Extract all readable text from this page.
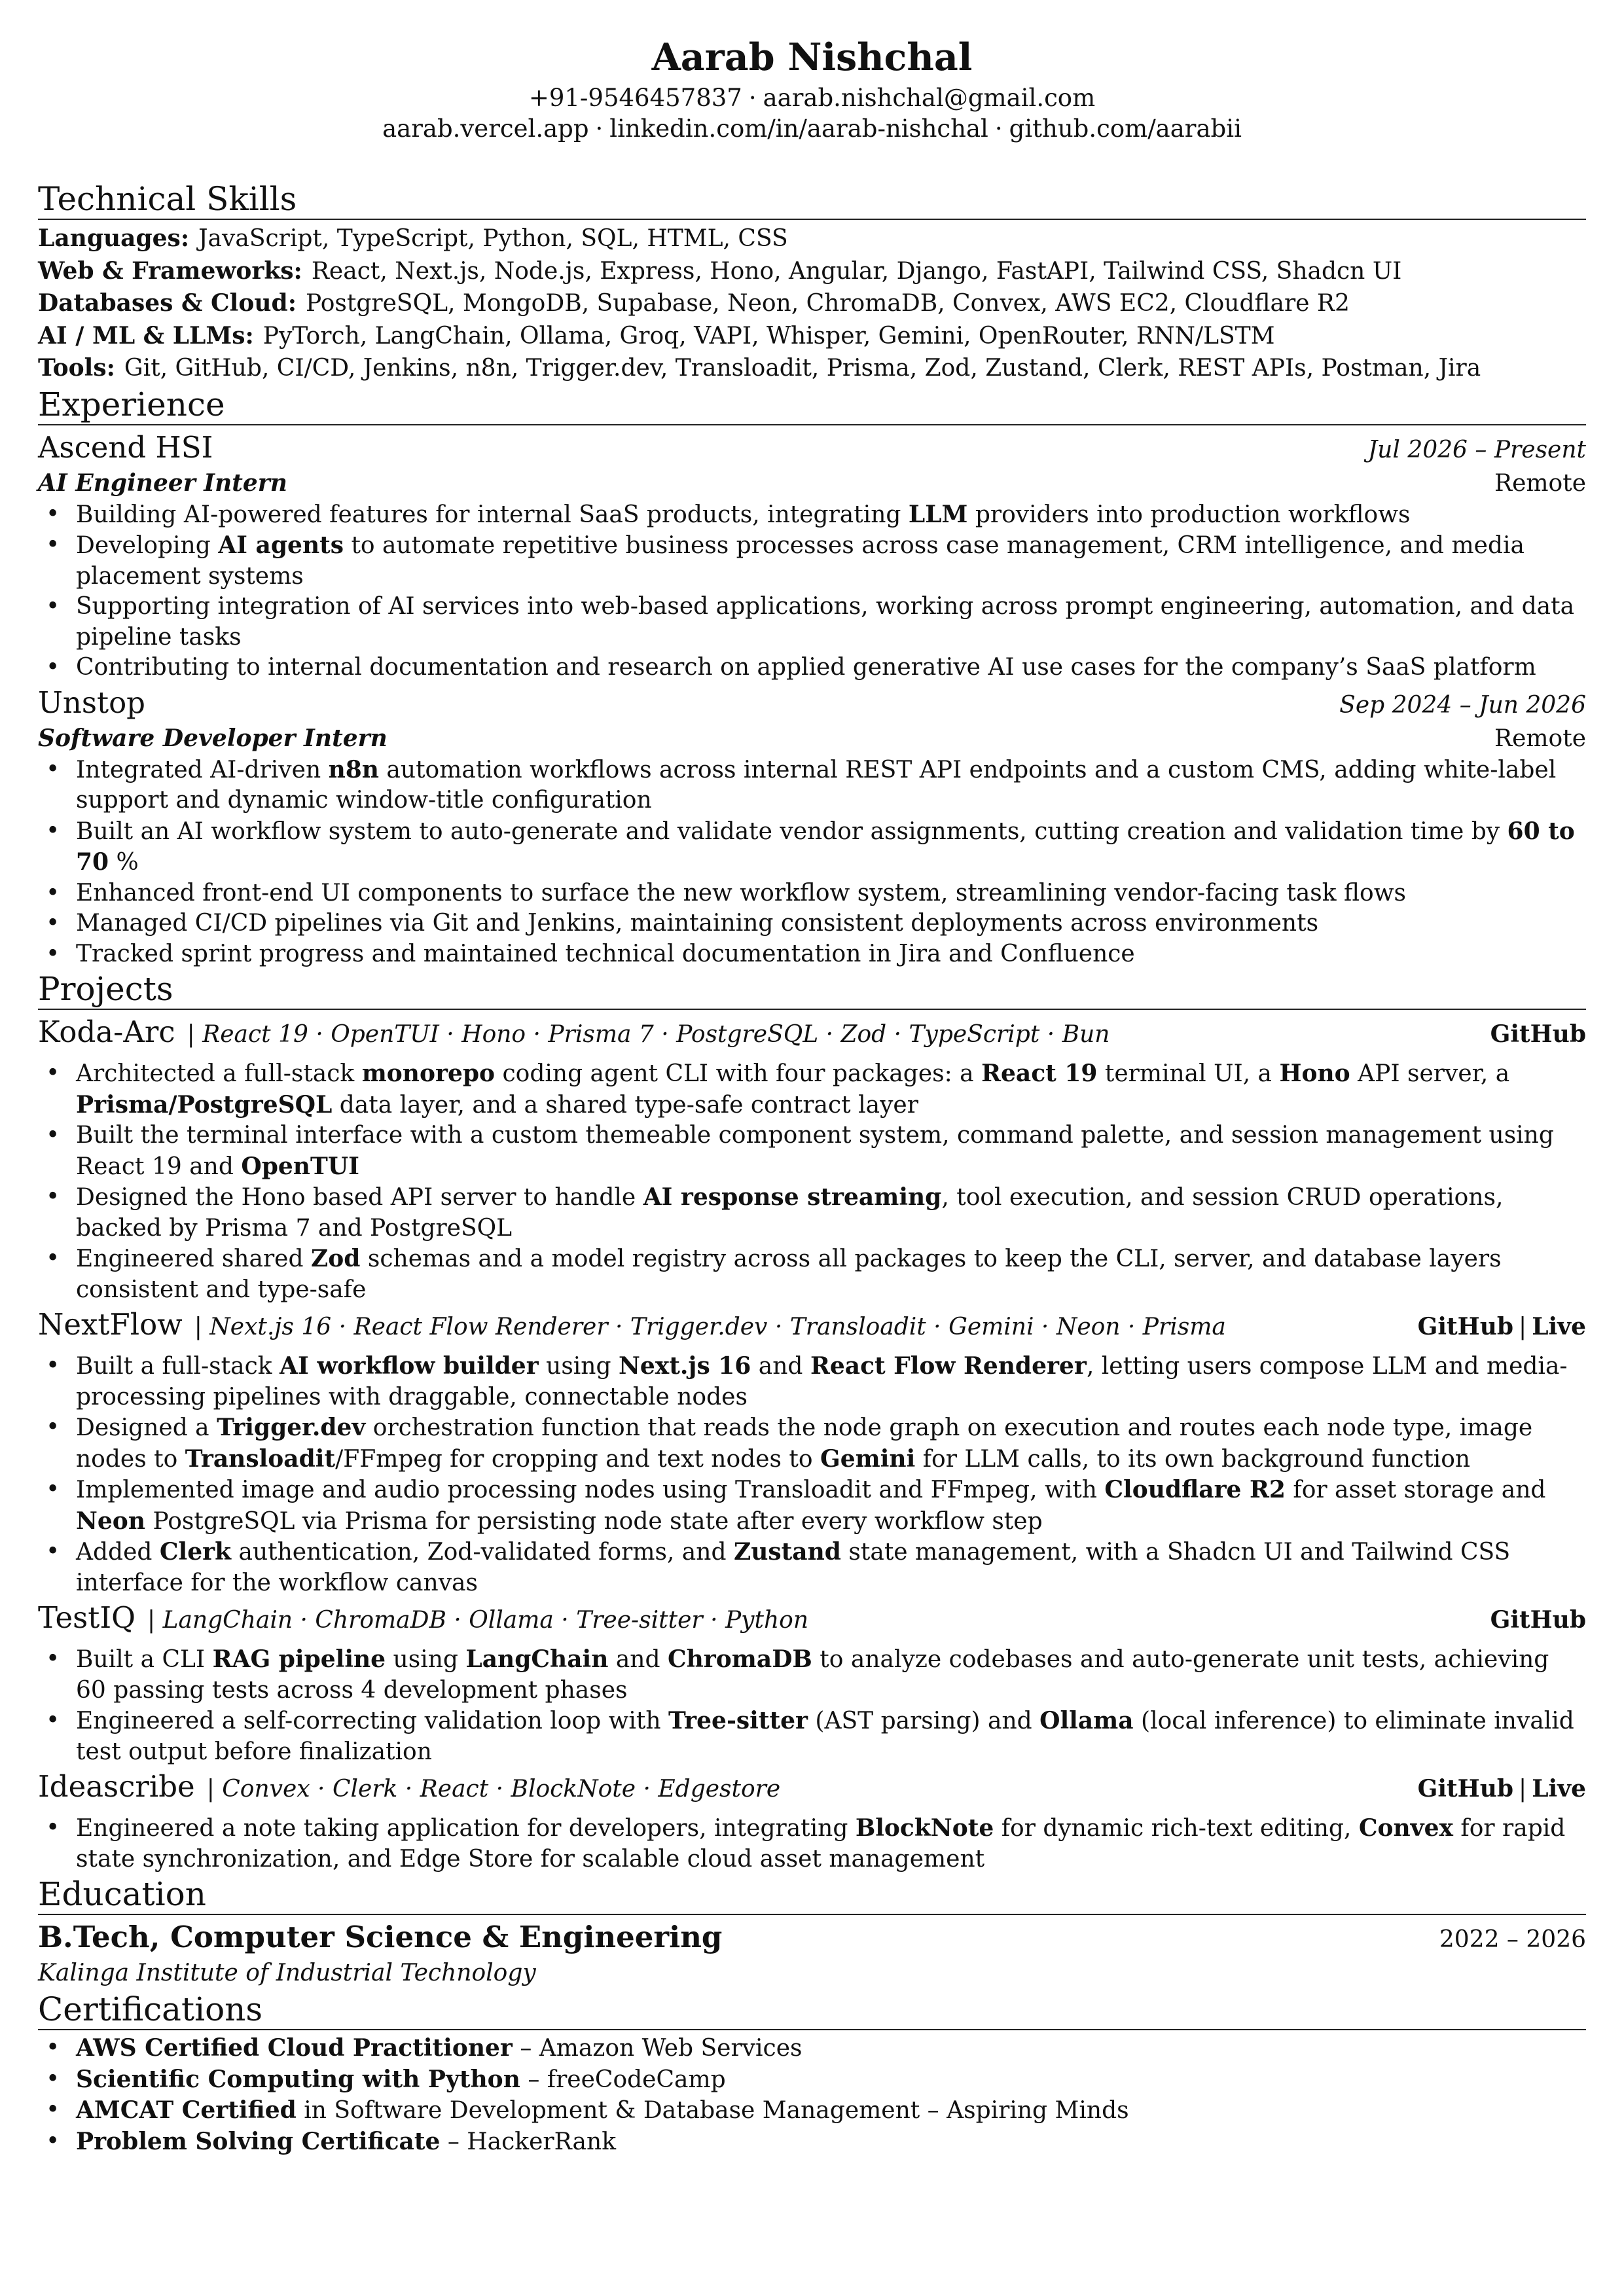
Aarab Nishchal
+91-9546457837 · aarab.nishchal@gmail.com
aarab.vercel.app · linkedin.com/in/aarab-nishchal · github.com/aarabii
Technical Skills
Languages: JavaScript, TypeScript, Python, SQL, HTML, CSS
Web & Frameworks: React, Next.js, Node.js, Express, Hono, Angular, Django, FastAPI, Tailwind CSS, Shadcn UI
Databases & Cloud: PostgreSQL, MongoDB, Supabase, Neon, ChromaDB, Convex, AWS EC2, Cloudflare R2
AI / ML & LLMs: PyTorch, LangChain, Ollama, Groq, VAPI, Whisper, Gemini, OpenRouter, RNN/LSTM
Tools: Git, GitHub, CI/CD, Jenkins, n8n, Trigger.dev, Transloadit, Prisma, Zod, Zustand, Clerk, REST APIs, Postman, Jira
Experience
Ascend HSI	Jul 2026 – Present
AI Engineer Intern	Remote
• Building AI-powered features for internal SaaS products, integrating LLM providers into production workflows
• Developing AI agents to automate repetitive business processes across case management, CRM intelligence, and media placement systems
• Supporting integration of AI services into web-based applications, working across prompt engineering, automation, and data pipeline tasks
• Contributing to internal documentation and research on applied generative AI use cases for the company’s SaaS platform
Unstop	Sep 2024 – Jun 2026
Software Developer Intern	Remote
• Integrated AI-driven n8n automation workflows across internal REST API endpoints and a custom CMS, adding white-label support and dynamic window-title configuration
• Built an AI workflow system to auto-generate and validate vendor assignments, cutting creation and validation time by 60 to 70 %
• Enhanced front-end UI components to surface the new workflow system, streamlining vendor-facing task flows
• Managed CI/CD pipelines via Git and Jenkins, maintaining consistent deployments across environments
• Tracked sprint progress and maintained technical documentation in Jira and Confluence
Projects
Koda-Arc | React 19 · OpenTUI · Hono · Prisma 7 · PostgreSQL · Zod · TypeScript · Bun	GitHub
• Architected a full-stack monorepo coding agent CLI with four packages: a React 19 terminal UI, a Hono API server, a Prisma/PostgreSQL data layer, and a shared type-safe contract layer
• Built the terminal interface with a custom themeable component system, command palette, and session management using React 19 and OpenTUI
• Designed the Hono based API server to handle AI response streaming, tool execution, and session CRUD operations, backed by Prisma 7 and PostgreSQL
• Engineered shared Zod schemas and a model registry across all packages to keep the CLI, server, and database layers consistent and type-safe
NextFlow | Next.js 16 · React Flow Renderer · Trigger.dev · Transloadit · Gemini · Neon · Prisma	GitHub | Live
• Built a full-stack AI workflow builder using Next.js 16 and React Flow Renderer, letting users compose LLM and media-processing pipelines with draggable, connectable nodes
• Designed a Trigger.dev orchestration function that reads the node graph on execution and routes each node type, image nodes to Transloadit/FFmpeg for cropping and text nodes to Gemini for LLM calls, to its own background function
• Implemented image and audio processing nodes using Transloadit and FFmpeg, with Cloudflare R2 for asset storage and Neon PostgreSQL via Prisma for persisting node state after every workflow step
• Added Clerk authentication, Zod-validated forms, and Zustand state management, with a Shadcn UI and Tailwind CSS interface for the workflow canvas
TestIQ | LangChain · ChromaDB · Ollama · Tree-sitter · Python	GitHub
• Built a CLI RAG pipeline using LangChain and ChromaDB to analyze codebases and auto-generate unit tests, achieving 60 passing tests across 4 development phases
• Engineered a self-correcting validation loop with Tree-sitter (AST parsing) and Ollama (local inference) to eliminate invalid test output before finalization
Ideascribe | Convex · Clerk · React · BlockNote · Edgestore	GitHub | Live
• Engineered a note taking application for developers, integrating BlockNote for dynamic rich-text editing, Convex for rapid state synchronization, and Edge Store for scalable cloud asset management
Education
B.Tech, Computer Science & Engineering	2022 – 2026
Kalinga Institute of Industrial Technology
Certifications
• AWS Certified Cloud Practitioner – Amazon Web Services
• Scientific Computing with Python – freeCodeCamp
• AMCAT Certified in Software Development & Database Management – Aspiring Minds
• Problem Solving Certificate – HackerRank
